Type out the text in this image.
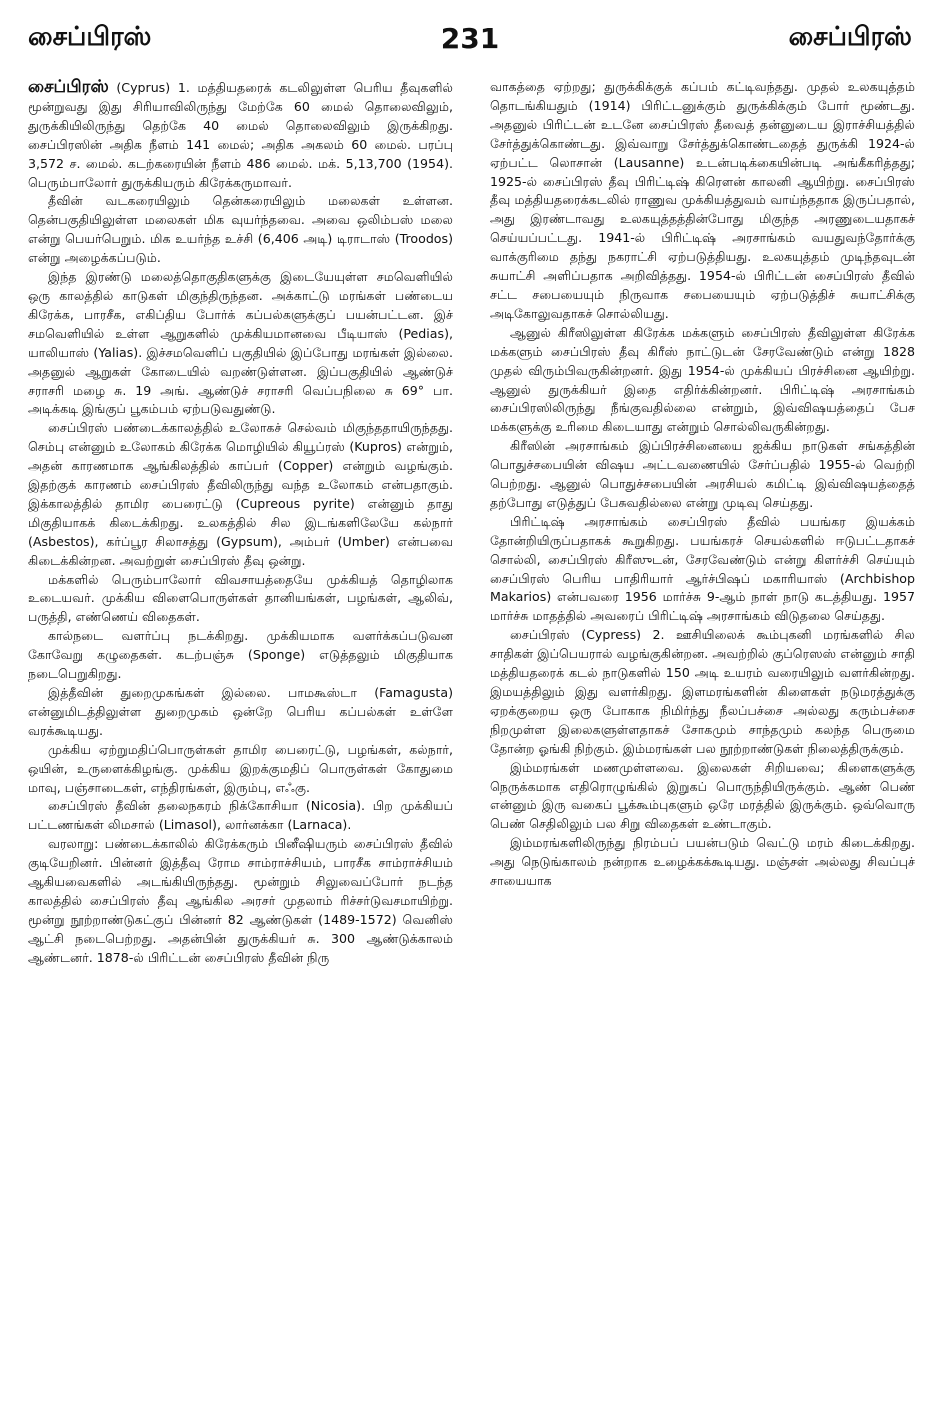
சைப்பிரஸ்	231	சைப்பிரஸ்

சைப்பிரஸ் (Cyprus) 1. மத்தியதரைக் கடலிலுள்ள பெரிய தீவுகளில் மூன்றுவது இது சிரியாவிலிருந்து மேற்கே 60 மைல் தொலைவிலும், துருக்கியிலிருந்து தெற்கே 40 மைல் தொலைவிலும் இருக்கிறது. சைப்பிரஸின் அதிக நீளம் 141 மைல்; அதிக அகலம் 60 மைல். பரப்பு 3,572 ச. மைல். கடற்கரையின் நீளம் 486 மைல். மக். 5,13,700 (1954). பெரும்பாலோர் துருக்கியரும் கிரேக்கருமாவர்.

தீவின் வடகரையிலும் தென்கரையிலும் மலைகள் உள்ளன. தென்பகுதியிலுள்ள மலைகள் மிக வுயர்ந்தவை. அவை ஒலிம்பஸ் மலை என்று பெயர்பெறும். மிக உயர்ந்த உச்சி (6,406 அடி) டிராடாஸ் (Troodos) என்று அழைக்கப்படும்.

இந்த இரண்டு மலைத்தொகுதிகளுக்கு இடையேயுள்ள சமவெளியில் ஒரு காலத்தில் காடுகள் மிகுந்திருந்தன. அக்காட்டு மரங்கள் பண்டைய கிரேக்க, பாரசீக, எகிப்திய போர்க் கப்பல்களுக்குப் பயன்பட்டன. இச் சமவெளியில் உள்ள ஆறுகளில் முக்கியமானவை பீடியாஸ் (Pedias), யாலியாஸ் (Yalias). இச்சமவெளிப் பகுதியில் இப்போது மரங்கள் இல்லை. அதனுல் ஆறுகள் கோடையில் வறண்டுள்ளன. இப்பகுதியில் ஆண்டுச் சராசரி மழை சு. 19 அங். ஆண்டுச் சராசரி வெப்பநிலை சு 69° பா. அடிக்கடி இங்குப் பூகம்பம் ஏற்படுவதுண்டு.

சைப்பிரஸ் பண்டைக்காலத்தில் உலோகச் செல்வம் மிகுந்ததாயிருந்தது. செம்பு என்னும் உலோகம் கிரேக்க மொழியில் கியூப்ரஸ் (Kupros) என்றும், அதன் காரணமாக ஆங்கிலத்தில் காப்பர் (Copper) என்றும் வழங்கும். இதற்குக் காரணம் சைப்பிரஸ் தீவிலிருந்து வந்த உலோகம் என்பதாகும். இக்காலத்தில் தாமிர பைரைட்டு (Cupreous pyrite) என்னும் தாது மிகுதியாகக் கிடைக்கிறது. உலகத்தில் சில இடங்களிலேயே கல்நார் (Asbestos), கர்ப்பூர சிலாசத்து (Gypsum), அம்பர் (Umber) என்பவை கிடைக்கின்றன. அவற்றுள் சைப்பிரஸ் தீவு ஒன்று.

மக்களில் பெரும்பாலோர் விவசாயத்தையே முக்கியத் தொழிலாக உடையவர். முக்கிய விளைபொருள்கள் தானியங்கள், பழங்கள், ஆலிவ், பருத்தி, எண்ணெய் விதைகள்.

கால்நடை வளர்ப்பு நடக்கிறது. முக்கியமாக வளர்க்கப்படுவன கோவேறு கழுதைகள். கடற்பஞ்சு (Sponge) எடுத்தலும் மிகுதியாக நடைபெறுகிறது.

இத்தீவின் துறைமுகங்கள் இல்லை. பாமகூஸ்டா (Famagusta) என்னுமிடத்திலுள்ள துறைமுகம் ஒன்றே பெரிய கப்பல்கள் உள்ளே வரக்கூடியது.

முக்கிய ஏற்றுமதிப்பொருள்கள் தாமிர பைரைட்டு, பழங்கள், கல்நார், ஒயின், உருளைக்கிழங்கு. முக்கிய இறக்குமதிப் பொருள்கள் கோதுமை மாவு, பஞ்சாடைகள், எந்திரங்கள், இரும்பு, எஃகு.

சைப்பிரஸ் தீவின் தலைநகரம் நிக்கோசியா (Nicosia). பிற முக்கியப் பட்டணங்கள் லிமசால் (Limasol), லார்னக்கா (Larnaca).

வரலாறு: பண்டைக்காலில் கிரேக்கரும் பினீஷியரும் சைப்பிரஸ் தீவில் குடியேறினர். பின்னர் இத்தீவு ரோம சாம்ராச்சியம், பாரசீக சாம்ராச்சியம் ஆகியவைகளில் அடங்கியிருந்தது. மூன்றும் சிலுவைப்போர் நடந்த காலத்தில் சைப்பிரஸ் தீவு ஆங்கில அரசர் முதலாம் ரிச்சர்டுவசமாயிற்று. மூன்று நூற்றாண்டுகட்குப் பின்னர் 82 ஆண்டுகள் (1489-1572) வெனிஸ் ஆட்சி நடைபெற்றது. அதன்பின் துருக்கியர் சு. 300 ஆண்டுக்காலம் ஆண்டனர். 1878-ல் பிரிட்டன் சைப்பிரஸ் தீவின் நிரு

வாகத்தை ஏற்றது; துருக்கிக்குக் கப்பம் கட்டிவந்தது. முதல் உலகயுத்தம் தொடங்கியதும் (1914) பிரிட்டனுக்கும் துருக்கிக்கும் போர் மூண்டது. அதனுல் பிரிட்டன் உடனே சைப்பிரஸ் தீவைத் தன்னுடைய இராச்சியத்தில் சேர்த்துக்கொண்டது. இவ்வாறு சேர்த்துக்கொண்டதைத் துருக்கி 1924-ல் ஏற்பட்ட லொசான் (Lausanne) உடன்படிக்கையின்படி அங்கீகரித்தது; 1925-ல் சைப்பிரஸ் தீவு பிரிட்டிஷ் கிரௌன் காலனி ஆயிற்று. சைப்பிரஸ் தீவு மத்தியதரைக்கடலில் ராணுவ முக்கியத்துவம் வாய்ந்ததாக இருப்பதால், அது இரண்டாவது உலகயுத்தத்தின்போது மிகுந்த அரணுடையதாகச் செய்யப்பட்டது. 1941-ல் பிரிட்டிஷ் அரசாங்கம் வயதுவந்தோர்க்கு வாக்குரிமை தந்து நகராட்சி ஏற்படுத்தியது. உலகயுத்தம் முடிந்தவுடன் சுயாட்சி அளிப்பதாக அறிவித்தது. 1954-ல் பிரிட்டன் சைப்பிரஸ் தீவில் சட்ட சபையையும் நிருவாக சபையையும் ஏற்படுத்திச் சுயாட்சிக்கு அடிகோலுவதாகச் சொல்லியது.

ஆனுல் கிரீஸிலுள்ள கிரேக்க மக்களும் சைப்பிரஸ் தீவிலுள்ள கிரேக்க மக்களும் சைப்பிரஸ் தீவு கிரீஸ் நாட்டுடன் சேரவேண்டும் என்று 1828 முதல் விரும்பிவருகின்றனர். இது 1954-ல் முக்கியப் பிரச்சினை ஆயிற்று. ஆனுல் துருக்கியர் இதை எதிர்க்கின்றனர். பிரிட்டிஷ் அரசாங்கம் சைப்பிரஸிலிருந்து நீங்குவதில்லை என்றும், இவ்விஷயத்தைப் பேச மக்களுக்கு உரிமை கிடையாது என்றும் சொல்லிவருகின்றது.

கிரீஸின் அரசாங்கம் இப்பிரச்சினையை ஐக்கிய நாடுகள் சங்கத்தின் பொதுச்சபையின் விஷய அட்டவணையில் சேர்ப்பதில் 1955-ல் வெற்றி பெற்றது. ஆனுல் பொதுச்சபையின் அரசியல் கமிட்டி இவ்விஷயத்தைத் தற்போது எடுத்துப் பேசுவதில்லை என்று முடிவு செய்தது.

பிரிட்டிஷ் அரசாங்கம் சைப்பிரஸ் தீவில் பயங்கர இயக்கம் தோன்றியிருப்பதாகக் கூறுகிறது. பயங்கரச் செயல்களில் ஈடுபட்டதாகச் சொல்லி, சைப்பிரஸ் கிரீஸுடன், சேரவேண்டும் என்று கிளர்ச்சி செய்யும் சைப்பிரஸ் பெரிய பாதிரியார் ஆர்ச்பிஷப் மகாரியாஸ் (Archbishop Makarios) என்பவரை 1956 மார்ச்சு 9-ஆம் நாள் நாடு கடத்தியது. 1957 மார்ச்சு மாதத்தில் அவரைப் பிரிட்டிஷ் அரசாங்கம் விடுதலை செய்தது.

சைப்பிரஸ் (Cypress) 2. ஊசியிலைக் கூம்புகனி மரங்களில் சில சாதிகள் இப்பெயரால் வழங்குகின்றன. அவற்றில் குப்ரெஸஸ் என்னும் சாதி மத்தியதரைக் கடல் நாடுகளில் 150 அடி உயரம் வரையிலும் வளர்கின்றது. இமயத்திலும் இது வளர்கிறது. இளமரங்களின் கிளைகள் நடுமரத்துக்கு ஏறக்குறைய ஒரு போகாக நிமிர்ந்து நீலப்பச்சை அல்லது கரும்பச்சை நிறமுள்ள இலைகளுள்ளதாகச் சோகமும் சாந்தமும் கலந்த பெருமை தோன்ற ஓங்கி நிற்கும். இம்மரங்கள் பல நூற்றாண்டுகள் நிலைத்திருக்கும்.

இம்மரங்கள் மணமுள்ளவை. இலைகள் சிறியவை; கிளைகளுக்கு நெருக்கமாக எதிரொழுங்கில் இறுகப் பொருந்தியிருக்கும். ஆண் பெண் என்னும் இரு வகைப் பூக்கூம்புகளும் ஒரே மரத்தில் இருக்கும். ஒவ்வொரு பெண் செதிலிலும் பல சிறு விதைகள் உண்டாகும்.

இம்மரங்களிலிருந்து நிரம்பப் பயன்படும் வெட்டு மரம் கிடைக்கிறது. அது நெடுங்காலம் நன்றாக உழைக்கக்கூடியது. மஞ்சள் அல்லது சிவப்புச் சாயையாக
